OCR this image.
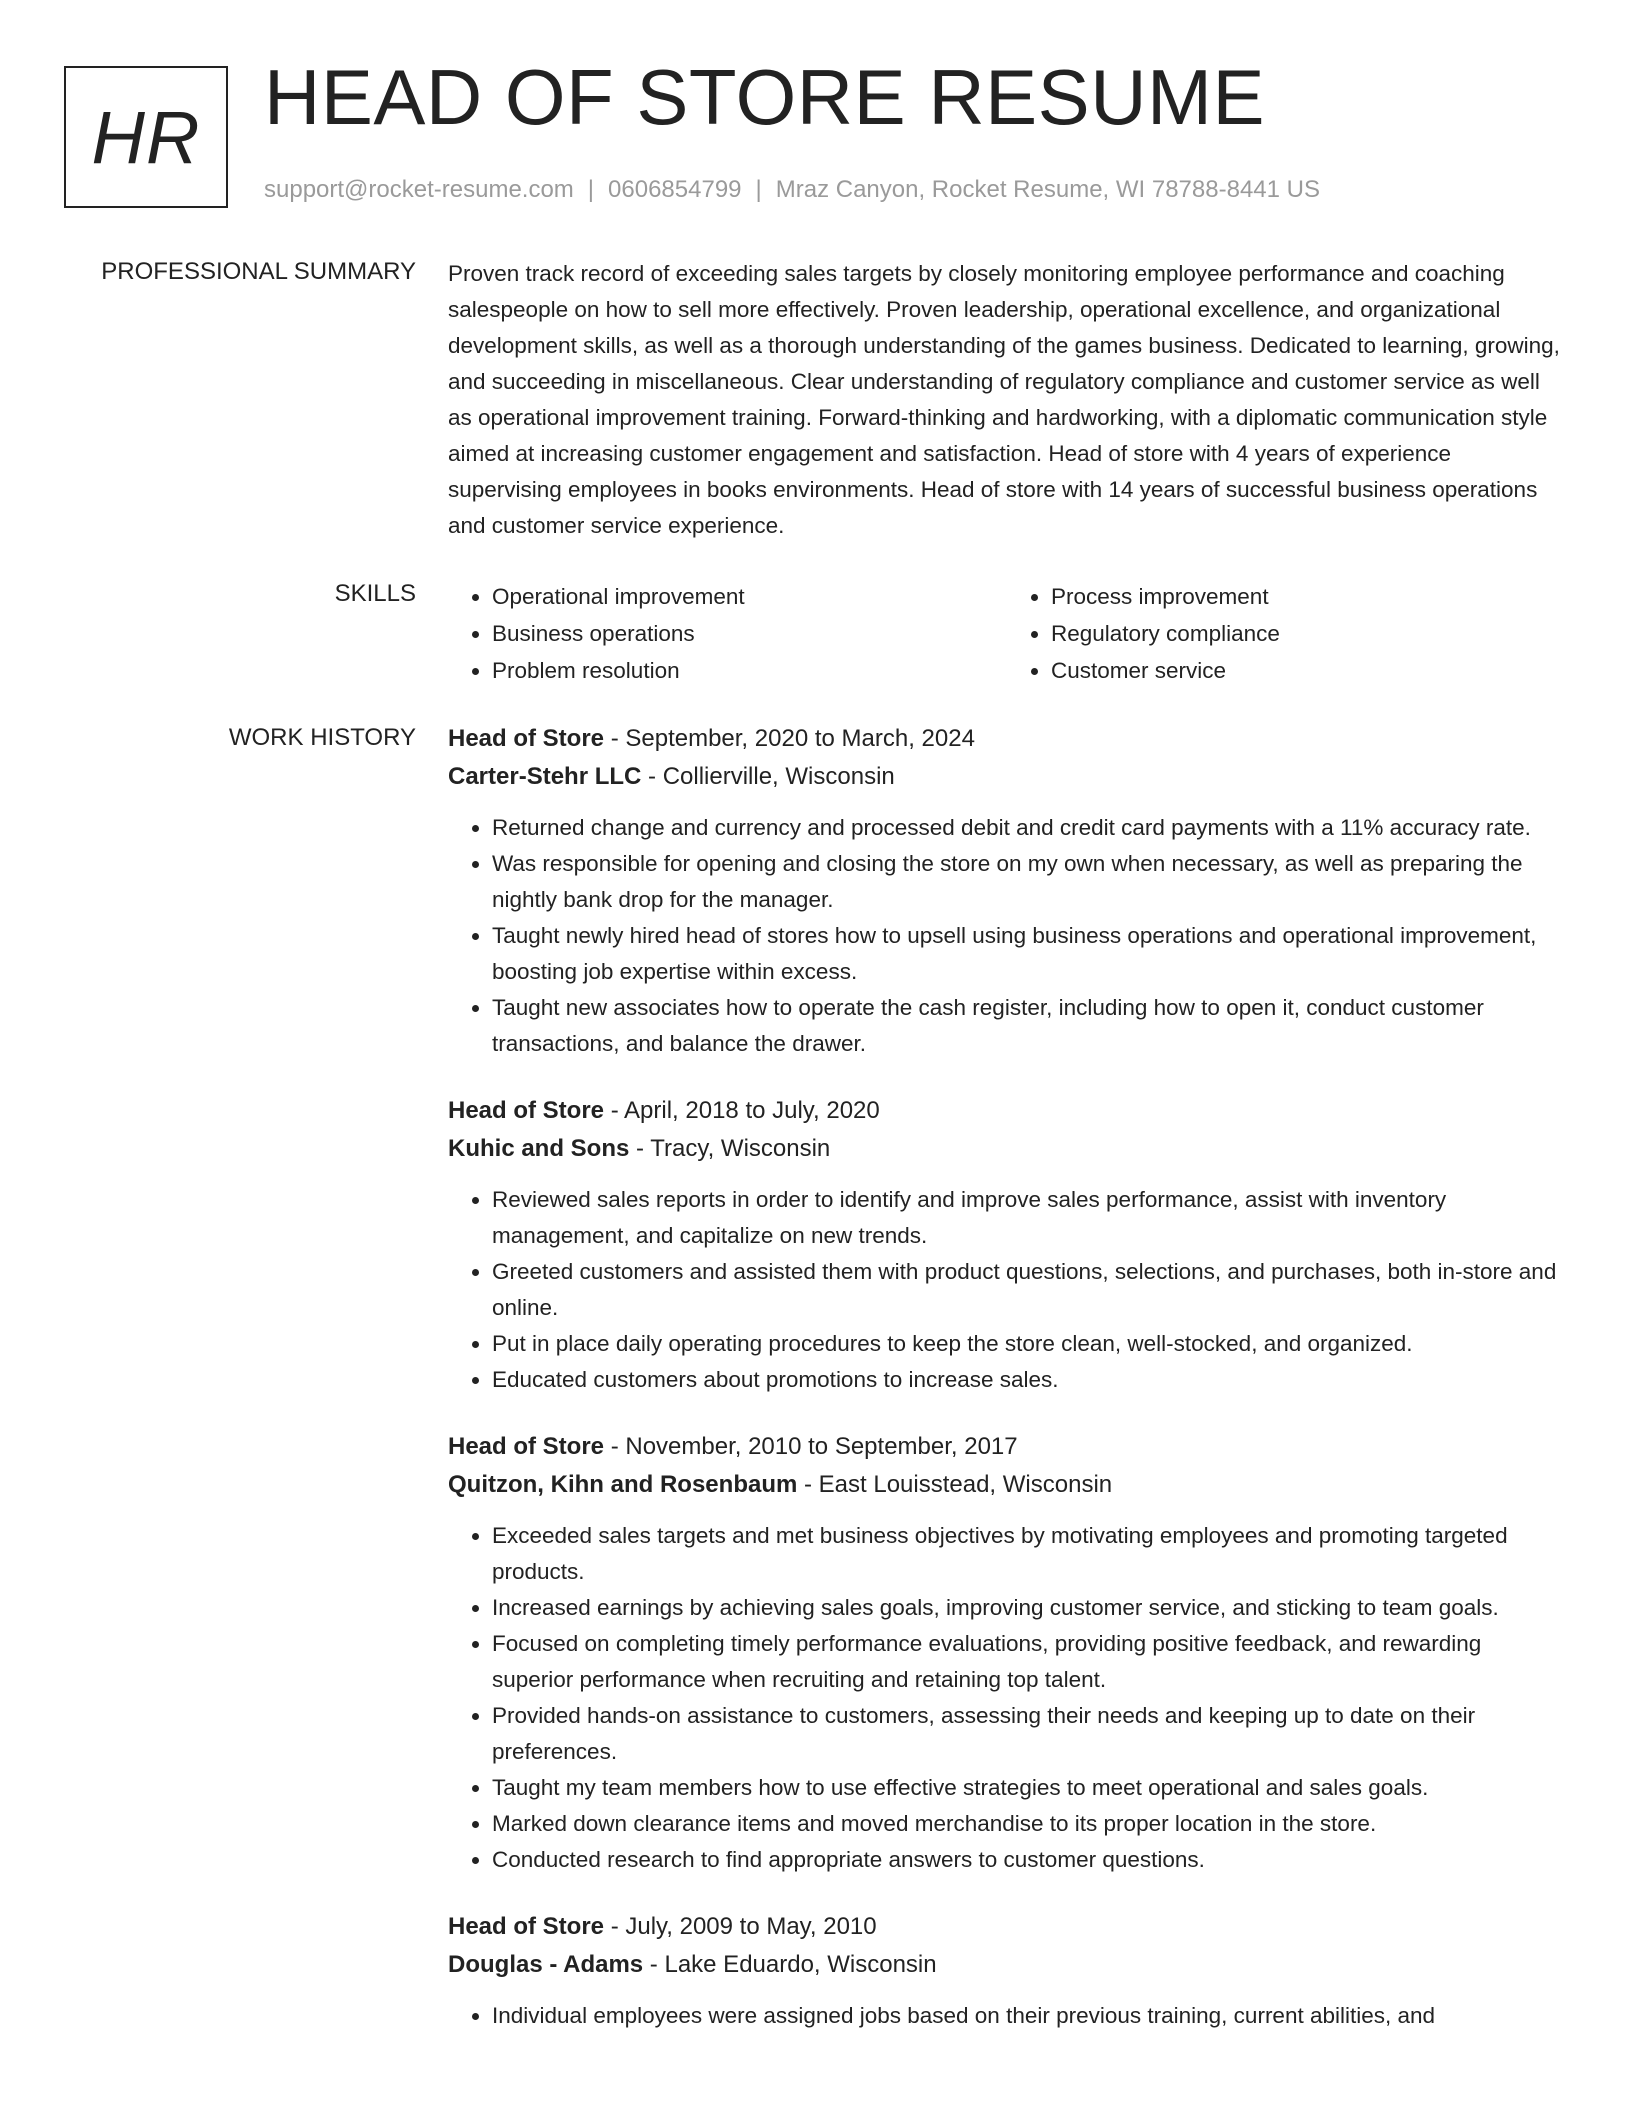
HR HEAD OF STORE RESUME
support@rocket-resume.com | 0606854799 | Mraz Canyon, Rocket Resume, WI 78788-8441 US
PROFESSIONAL SUMMARY Proven track record of exceeding sales targets by closely monitoring employee performance and coaching salespeople on how to sell more effectively. Proven leadership, operational excellence, and organizational development skills, as well as a thorough understanding of the games business. Dedicated to learning, growing, and succeeding in miscellaneous. Clear understanding of regulatory compliance and customer service as well as operational improvement training. Forward-thinking and hardworking, with a diplomatic communication style aimed at increasing customer engagement and satisfaction. Head of store with 4 years of experience supervising employees in books environments. Head of store with 14 years of successful business operations and customer service experience.

SKILLS
•	Operational improvement
• Business operations
• Problem resolution
• Process improvement
• Regulatory compliance
• Customer service
WORK HISTORY Head of Store - September, 2020 to March, 2024
Carter-Stehr LLC - Collierville, Wisconsin
• Returned change and currency and processed debit and credit card payments with a 11% accuracy rate.
• Was responsible for opening and closing the store on my own when necessary, as well as preparing the nightly bank drop for the manager.
• Taught newly hired head of stores how to upsell using business operations and operational improvement, boosting job expertise within excess.
• Taught new associates how to operate the cash register, including how to open it, conduct customer transactions, and balance the drawer.
Head of Store - April, 2018 to July, 2020
Kuhic and Sons - Tracy, Wisconsin
• Reviewed sales reports in order to identify and improve sales performance, assist with inventory management, and capitalize on new trends.
• Greeted customers and assisted them with product questions, selections, and purchases, both in-store and online.
• Put in place daily operating procedures to keep the store clean, well-stocked, and organized.
• Educated customers about promotions to increase sales.
Head of Store - November, 2010 to September, 2017
Quitzon, Kihn and Rosenbaum - East Louisstead, Wisconsin
• Exceeded sales targets and met business objectives by motivating employees and promoting targeted products.
• Increased earnings by achieving sales goals, improving customer service, and sticking to team goals.
• Focused on completing timely performance evaluations, providing positive feedback, and rewarding superior performance when recruiting and retaining top talent.
• Provided hands-on assistance to customers, assessing their needs and keeping up to date on their preferences.
• Taught my team members how to use effective strategies to meet operational and sales goals.
• Marked down clearance items and moved merchandise to its proper location in the store.
• Conducted research to find appropriate answers to customer questions.
Head of Store - July, 2009 to May, 2010
Douglas - Adams - Lake Eduardo, Wisconsin
• Individual employees were assigned jobs based on their previous training, current abilities, and
